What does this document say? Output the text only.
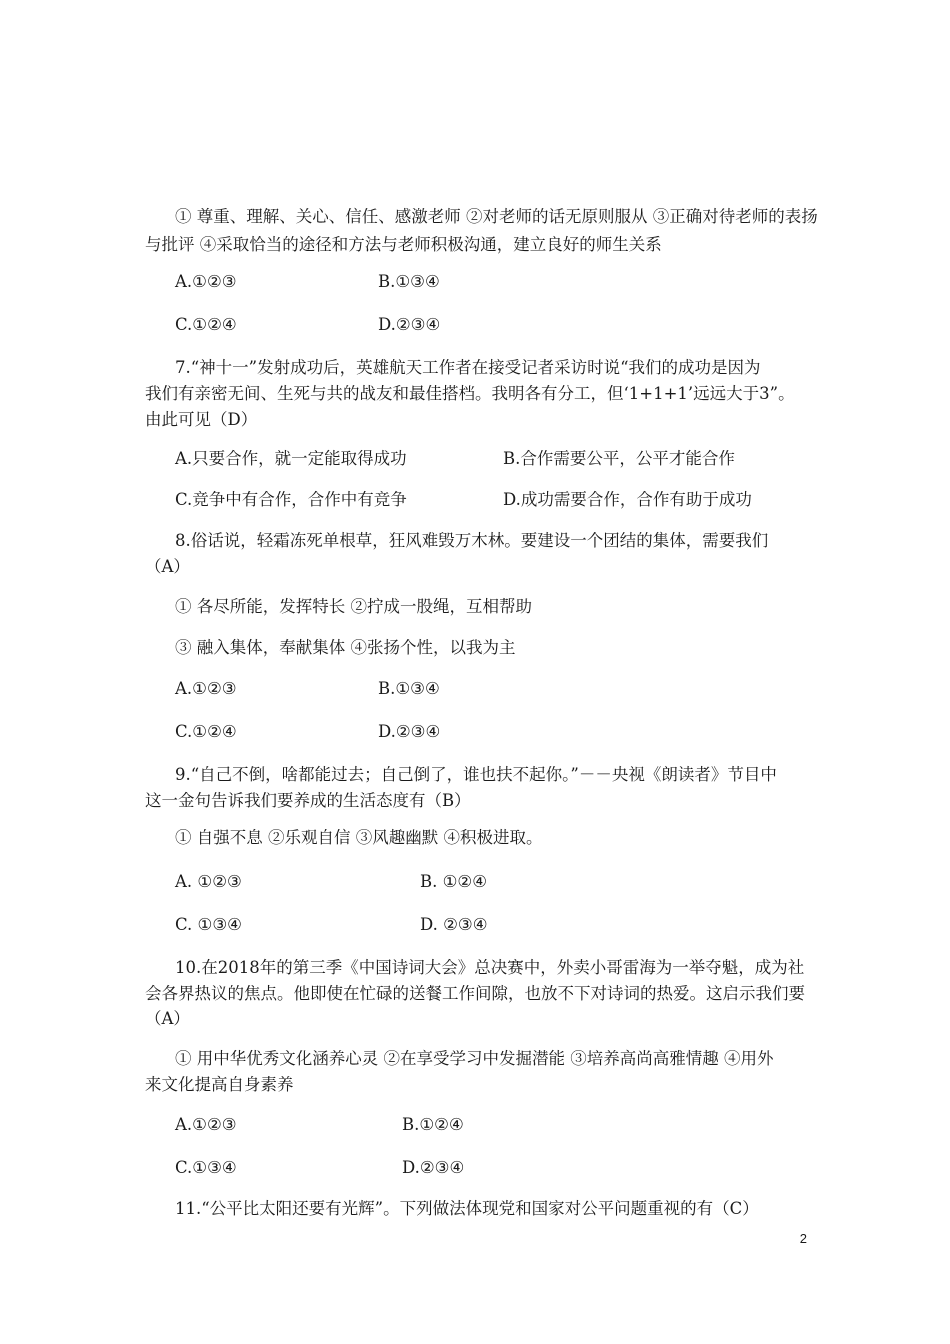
① 尊重、理解、关心、信任、感激老师 ②对老师的话无原则服从 ③正确对待老师的表扬
与批评 ④采取恰当的途径和方法与老师积极沟通，建立良好的师生关系
A.①②③	B.①③④
C.①②④	D.②③④
7.“神十一”发射成功后，英雄航天工作者在接受记者采访时说“我们的成功是因为
我们有亲密无间、生死与共的战友和最佳搭档。我明各有分工，但‘1+1+1’远远大于3”。
由此可见（D）
A.只要合作，就一定能取得成功	B.合作需要公平，公平才能合作
C.竞争中有合作，合作中有竞争	D.成功需要合作，合作有助于成功
8.俗话说，轻霜冻死单根草，狂风难毁万木林。要建设一个团结的集体，需要我们
（A）
① 各尽所能，发挥特长 ②拧成一股绳，互相帮助
③ 融入集体，奉献集体 ④张扬个性，以我为主
A.①②③	B.①③④
C.①②④	D.②③④
9.“自己不倒，啥都能过去；自己倒了，谁也扶不起你。”－－央视《朗读者》节目中
这一金句告诉我们要养成的生活态度有（B）
① 自强不息 ②乐观自信 ③风趣幽默 ④积极进取。
A. ①②③	B. ①②④
C. ①③④	D. ②③④
10.在2018年的第三季《中国诗词大会》总决赛中，外卖小哥雷海为一举夺魁，成为社
会各界热议的焦点。他即使在忙碌的送餐工作间隙，也放不下对诗词的热爱。这启示我们要
（A）
① 用中华优秀文化涵养心灵 ②在享受学习中发掘潜能 ③培养高尚高雅情趣 ④用外
来文化提高自身素养
A.①②③	B.①②④
C.①③④	D.②③④
11.“公平比太阳还要有光辉”。下列做法体现党和国家对公平问题重视的有（C）
2
